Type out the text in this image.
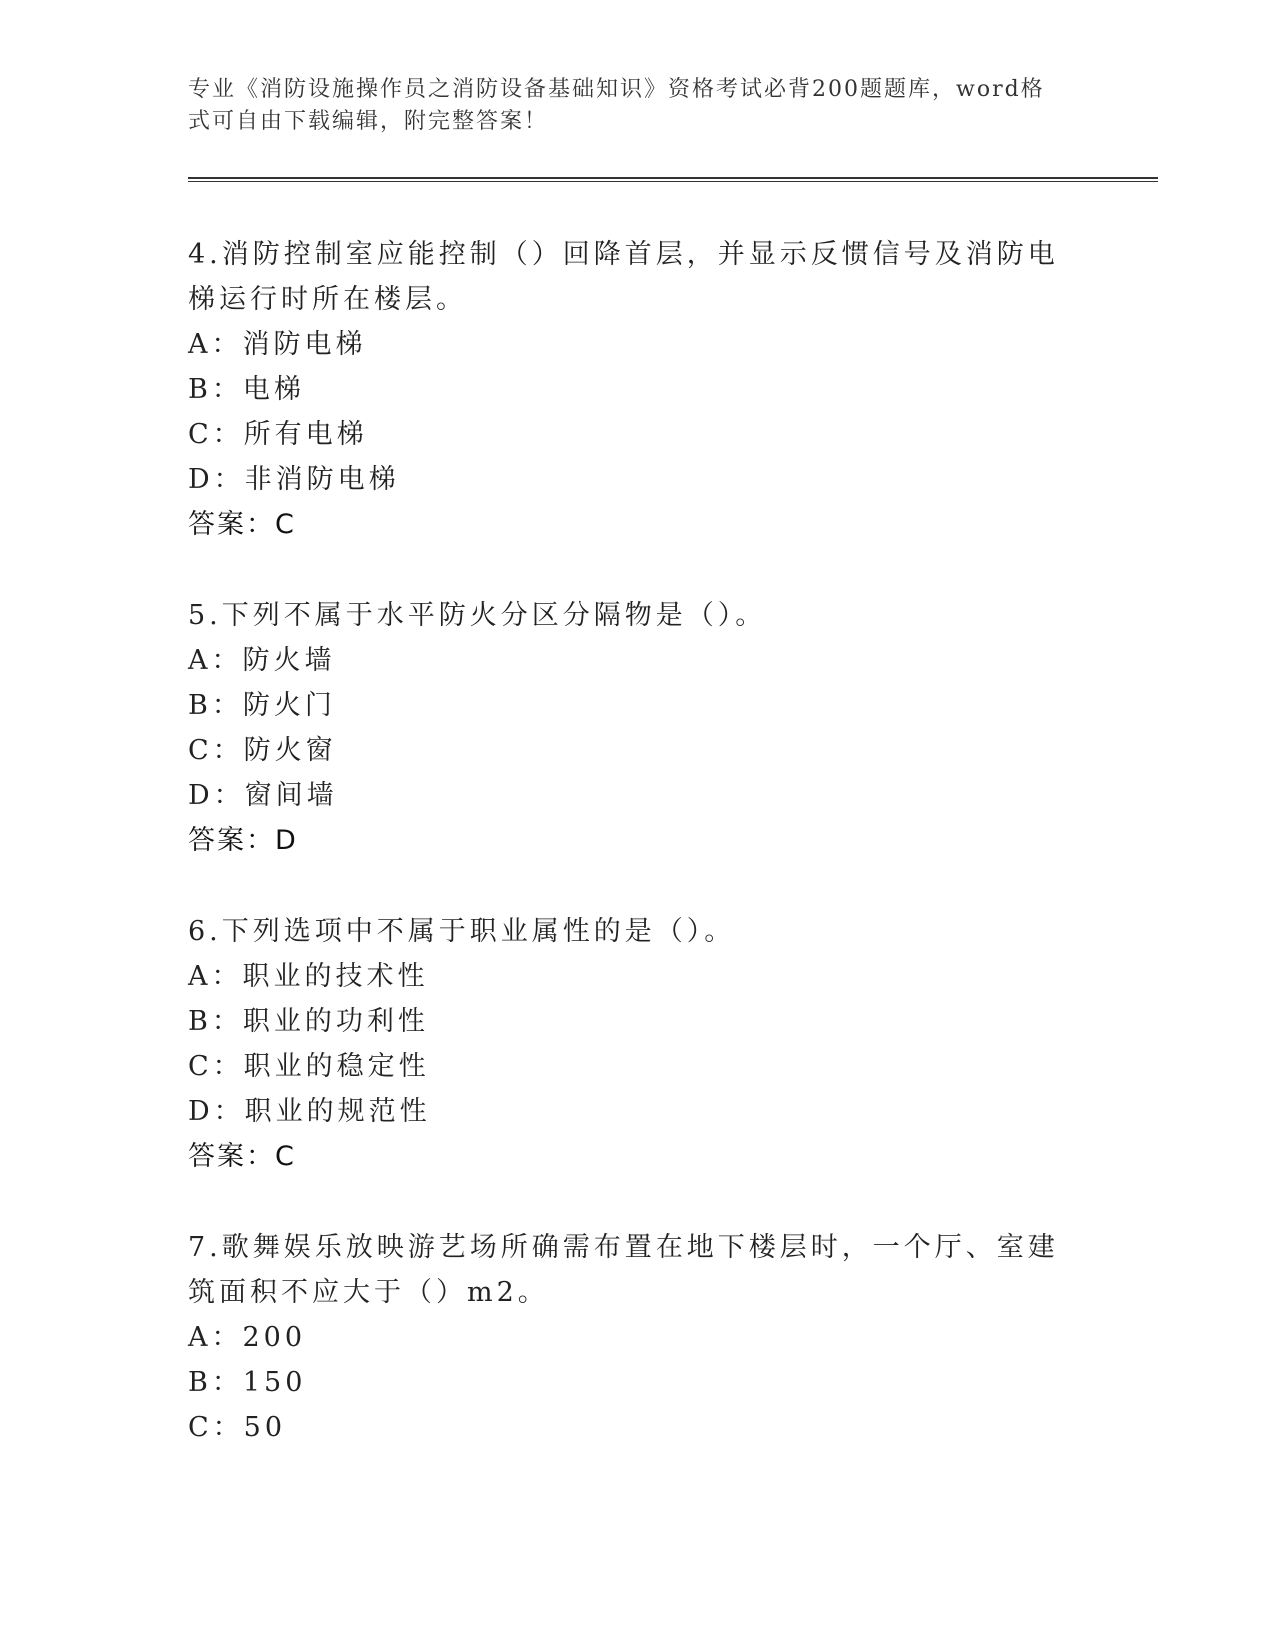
专业《消防设施操作员之消防设备基础知识》资格考试必背200题题库，word格
式可自由下载编辑，附完整答案！

4.消防控制室应能控制（）回降首层，并显示反惯信号及消防电梯运行时所在楼层。

A：消防电梯

B：电梯

C：所有电梯

D：非消防电梯

答案：C

5.下列不属于水平防火分区分隔物是（）。

A：防火墙

B：防火门

C：防火窗

D：窗间墙

答案：D

6.下列选项中不属于职业属性的是（）。

A：职业的技术性

B：职业的功利性

C：职业的稳定性

D：职业的规范性

答案：C

7.歌舞娱乐放映游艺场所确需布置在地下楼层时，一个厅、室建筑面积不应大于（）m2。

A：200

B：150

C：50
